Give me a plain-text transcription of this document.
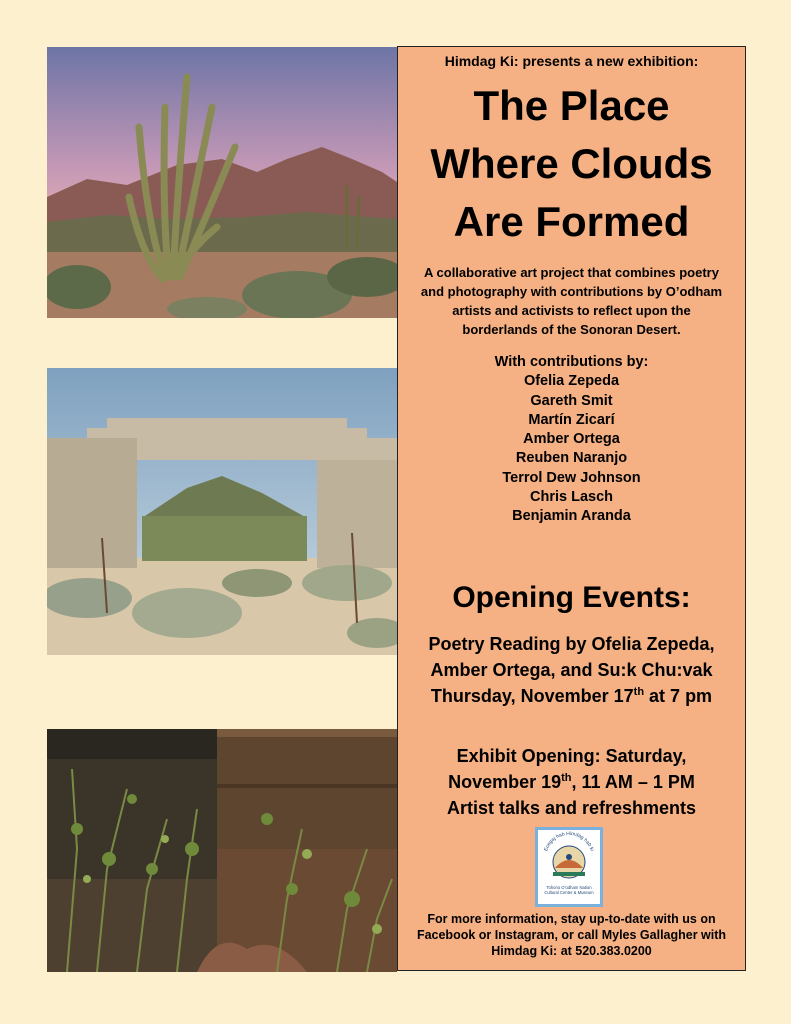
Himdag Ki: presents a new exhibition:
The Place
Where Clouds
Are Formed
A collaborative art project that combines poetry
and photography with contributions by O’odham
artists and activists to reflect upon the
borderlands of the Sonoran Desert.
With contributions by:
Ofelia Zepeda
Gareth Smit
Martín Zicarí
Amber Ortega
Reuben Naranjo
Terrol Dew Johnson
Chris Lasch
Benjamin Aranda
Opening Events:
Poetry Reading by Ofelia Zepeda,
Amber Ortega, and Su:k Chu:vak
Thursday, November 17th at 7 pm
Exhibit Opening: Saturday,
November 19th, 11 AM – 1 PM
Artist talks and refreshments
Ecegaj hab Himdag hab ki
Tohono O’odham Nation
Cultural Center & Museum
For more information, stay up-to-date with us on
Facebook or Instagram, or call Myles Gallagher with
Himdag Ki: at 520.383.0200
